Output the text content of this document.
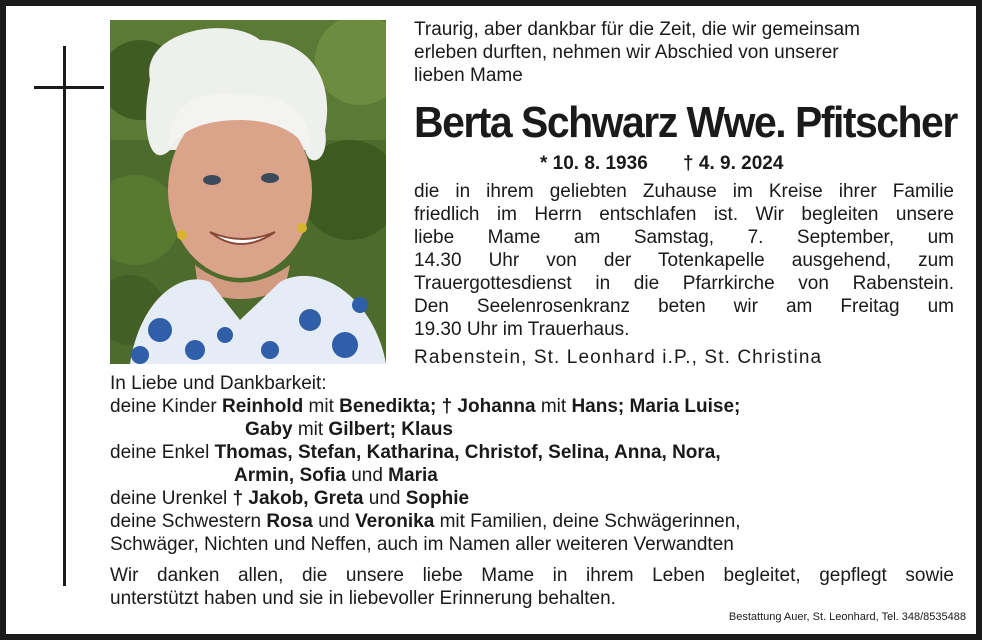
Traurig, aber dankbar für die Zeit, die wir gemeinsam
erleben durften, nehmen wir Abschied von unserer
lieben Mame
Berta Schwarz Wwe. Pfitscher
* 10. 8. 1936 † 4. 9. 2024
die in ihrem geliebten Zuhause im Kreise ihrer Familie
friedlich im Herrn entschlafen ist. Wir begleiten unsere
liebe Mame am Samstag, 7. September, um
14.30 Uhr von der Totenkapelle ausgehend, zum
Trauergottesdienst in die Pfarrkirche von Rabenstein.
Den Seelenrosenkranz beten wir am Freitag um
19.30 Uhr im Trauerhaus.
Rabenstein, St. Leonhard i.P., St. Christina
In Liebe und Dankbarkeit:
deine Kinder Reinhold mit Benedikta; † Johanna mit Hans; Maria Luise;
Gaby mit Gilbert; Klaus
deine Enkel Thomas, Stefan, Katharina, Christof, Selina, Anna, Nora,
Armin, Sofia und Maria
deine Urenkel † Jakob, Greta und Sophie
deine Schwestern Rosa und Veronika mit Familien, deine Schwägerinnen,
Schwäger, Nichten und Neffen, auch im Namen aller weiteren Verwandten
Wir danken allen, die unsere liebe Mame in ihrem Leben begleitet, gepflegt sowie
unterstützt haben und sie in liebevoller Erinnerung behalten.
Bestattung Auer, St. Leonhard, Tel. 348/8535488
